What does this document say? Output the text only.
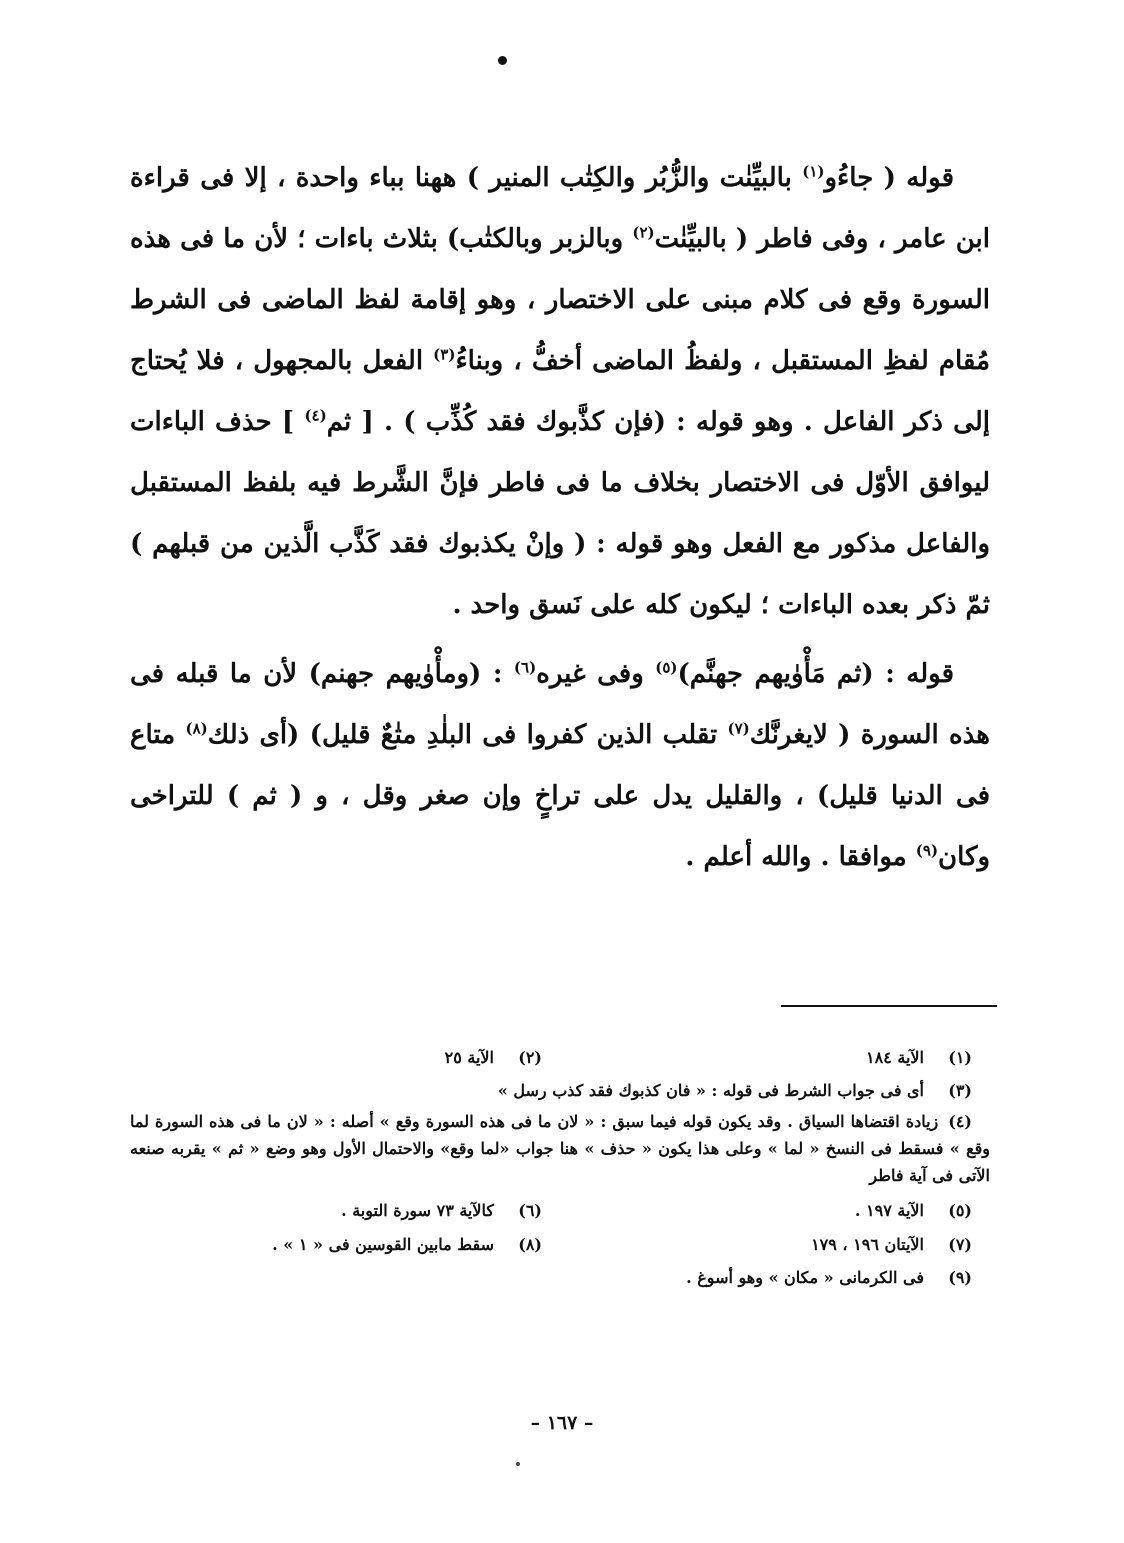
قوله ( جاءُو$^{(١)}$ بالبيِّنٰت والزُّبُر والكِتٰب المنير ) ههنا بباء واحدة ، إلا فى قراءة ابن عامر ، وفى فاطر ( بالبيِّنٰت$^{(٢)}$ وبالزبر وبالكتٰب) بثلاث باءات ؛ لأن ما فى هذه السورة وقع فى كلام مبنى على الاختصار ، وهو إقامة لفظ الماضى فى الشرط مُقام لفظِ المستقبل ، ولفظُ الماضى أخفُّ ، وبناءُ$^{(٣)}$ الفعل بالمجهول ، فلا يُحتاج إلى ذكر الفاعل . وهو قوله : (فإن كذَّبوك فقد كُذِّب ) . [ ثم$^{(٤)}$ ] حذف الباءات ليوافق الأوّل فى الاختصار بخلاف ما فى فاطر فإنَّ الشَّرط فيه بلفظ المستقبل والفاعل مذكور مع الفعل وهو قوله : ( وإنْ يكذبوك فقد كَذَّب الَّذين من قبلهم ) ثمّ ذكر بعده الباءات ؛ ليكون كله على نَسق واحد .

قوله : (ثم مَأْوٰيهم جهنَّم)$^{(٥)}$ وفى غيره$^{(٦)}$ : (ومأْوٰيهم جهنم) لأن ما قبله فى هذه السورة ( لايغرنَّك$^{(٧)}$ تقلب الذين كفروا فى البلٰدِ متٰعٌ قليل) (أى ذلك$^{(٨)}$ متاع فى الدنيا قليل) ، والقليل يدل على تراخٍ وإن صغر وقل ، و ( ثم ) للتراخى وكان$^{(٩)}$ موافقا . والله أعلم .

(١)
الآية ١٨٤
(٢)
الآية ٢٥
(٣)
أى فى جواب الشرط فى قوله : « فان كذبوك فقد كذب رسل »
(٤)زيادة اقتضاها السياق . وقد يكون قوله فيما سبق : « لان ما فى هذه السورة وقع » أصله : « لان ما فى هذه السورة لما وقع » فسقط فى النسخ « لما » وعلى هذا يكون « حذف » هنا جواب «لما وقع» والاحتمال الأول وهو وضع « ثم » يقربه صنعه الآتى فى آية فاطر
(٥)
الآية ١٩٧ .
(٦)
كالآية ٧٣ سورة التوبة .
(٧)
الآيتان ١٩٦ ، ١٧٩
(٨)
سقط مابين القوسين فى « ١ » .
(٩)
فى الكرمانى « مكان » وهو أسوغ .
– ١٦٧ –
